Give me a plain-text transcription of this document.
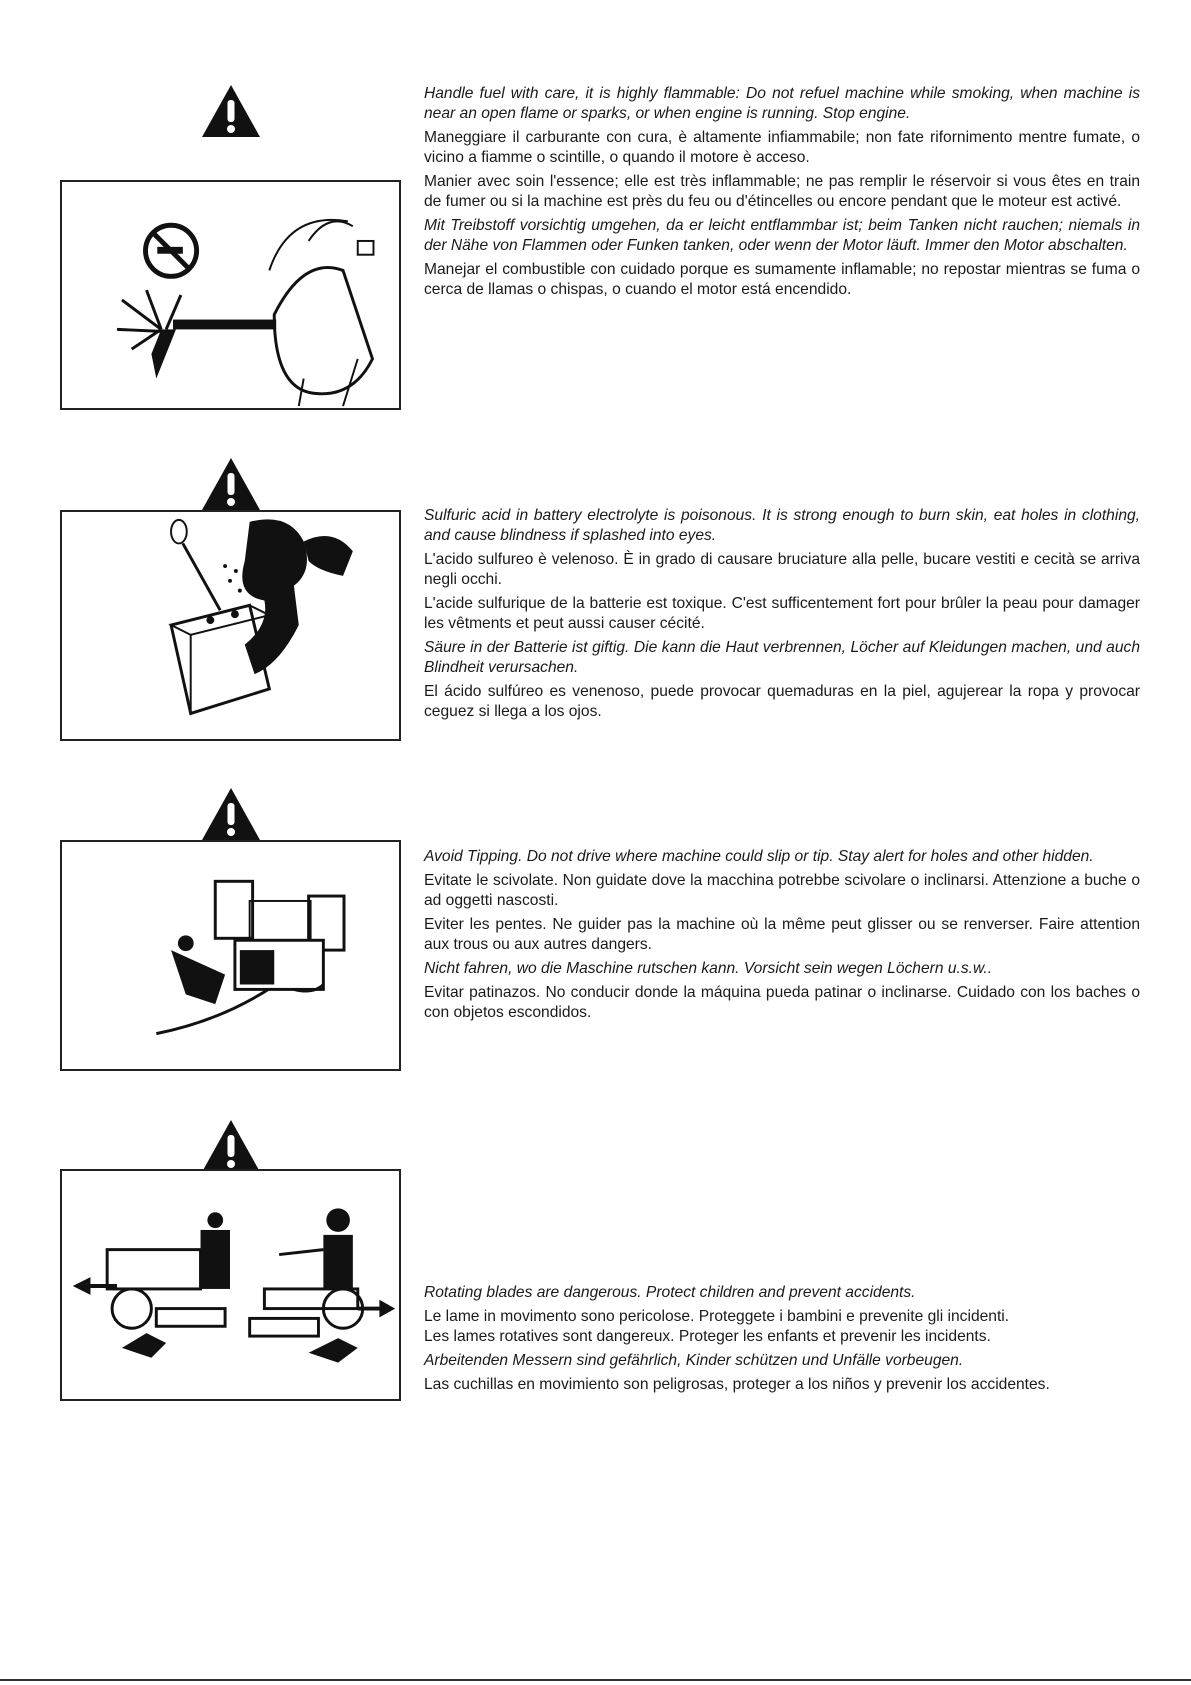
Handle fuel with care, it is highly flammable: Do not refuel machine while smoking, when machine is near an open flame or sparks, or when engine is running. Stop engine.

Maneggiare il carburante con cura, è altamente infiammabile; non fate rifornimento mentre fumate, o vicino a fiamme o scintille, o quando il motore è acceso.

Manier avec soin l'essence; elle est très inflammable; ne pas remplir le réservoir si vous êtes en train de fumer ou si la machine est près du feu ou d'étincelles ou encore pendant que le moteur est activé.

Mit Treibstoff vorsichtig umgehen, da er leicht entflammbar ist; beim Tanken nicht rauchen; niemals in der Nähe von Flammen oder Funken tanken, oder wenn der Motor läuft. Immer den Motor abschalten.

Manejar el combustible con cuidado porque es sumamente inflamable; no repostar mientras se fuma o cerca de llamas o chispas, o cuando el motor está encendido.

Sulfuric acid in battery electrolyte is poisonous. It is strong enough to burn skin, eat holes in clothing, and cause blindness if splashed into eyes.

L'acido sulfureo è velenoso. È in grado di causare bruciature alla pelle, bucare vestiti e cecità se arriva negli occhi.

L'acide sulfurique de la batterie est toxique. C'est sufficentement fort pour brûler la peau pour damager les vêtments et peut aussi causer cécité.

Säure in der Batterie ist giftig. Die kann die Haut verbrennen, Löcher auf Kleidungen machen, und auch Blindheit verursachen.

El ácido sulfúreo es venenoso, puede provocar quemaduras en la piel, agujerear la ropa y provocar ceguez si llega a los ojos.

Avoid Tipping. Do not drive where machine could slip or tip. Stay alert for holes and other hidden.

Evitate le scivolate. Non guidate dove la macchina potrebbe scivolare o inclinarsi. Attenzione a buche o ad oggetti nascosti.

Eviter les pentes. Ne guider pas la machine où la même peut glisser ou se renverser. Faire attention aux trous ou aux autres dangers.

Nicht fahren, wo die Maschine rutschen kann. Vorsicht sein wegen Löchern u.s.w..

Evitar patinazos. No conducir donde la máquina pueda patinar o inclinarse. Cuidado con los baches o con objetos escondidos.

Rotating blades are dangerous. Protect children and prevent accidents.

Le lame in movimento sono pericolose. Proteggete i bambini e prevenite gli incidenti.

Les lames rotatives sont dangereux. Proteger les enfants et prevenir les incidents.

Arbeitenden Messern sind gefährlich, Kinder schützen und Unfälle vorbeugen.

Las cuchillas en movimiento son peligrosas, proteger a los niños y prevenir los accidentes.
